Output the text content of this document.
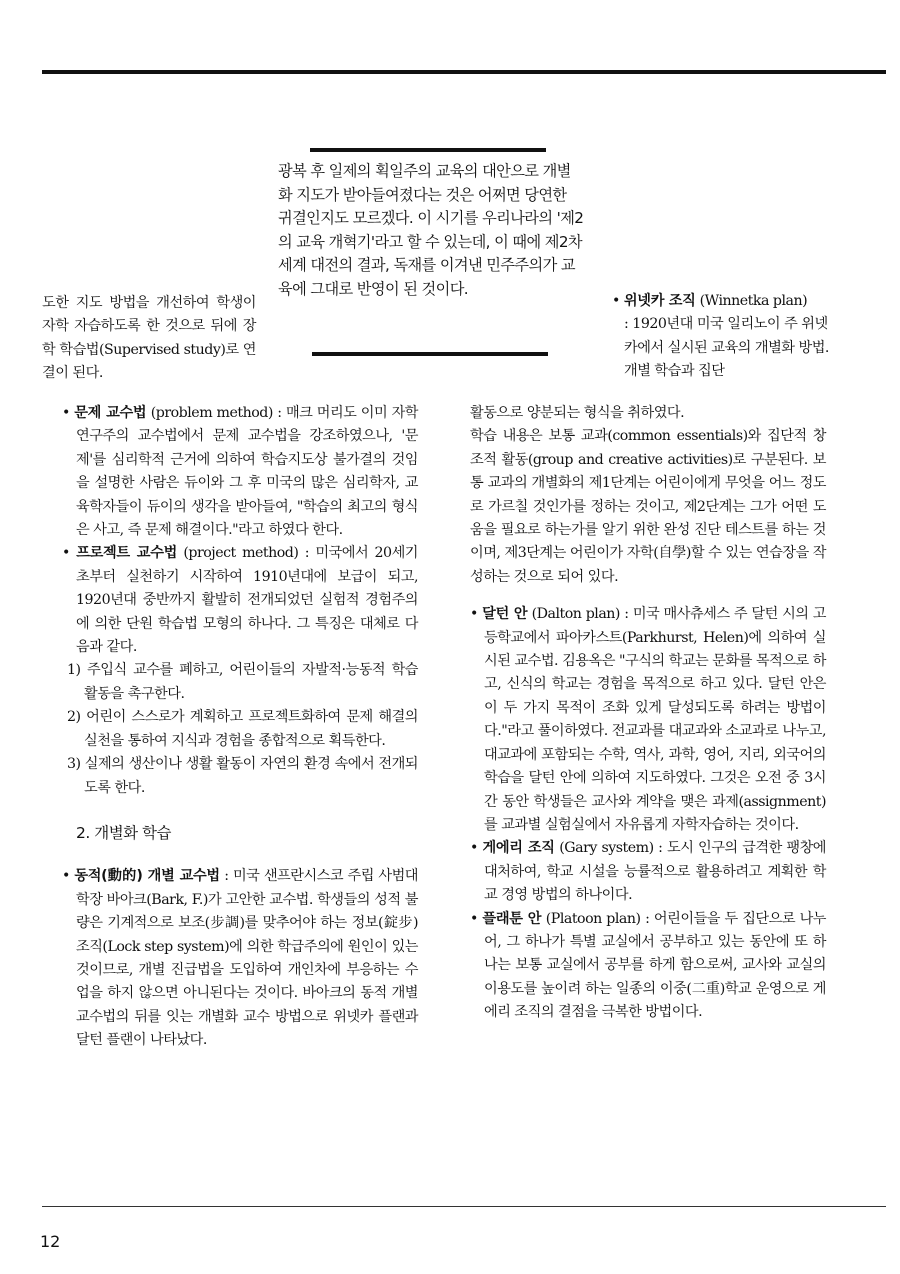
광복 후 일제의 획일주의 교육의 대안으로 개별화 지도가 받아들여졌다는 것은 어쩌면 당연한 귀결인지도 모르겠다. 이 시기를 우리나라의 '제2의 교육 개혁기'라고 할 수 있는데, 이 때에 제2차 세계 대전의 결과, 독재를 이겨낸 민주주의가 교육에 그대로 반영이 된 것이다.

도한 지도 방법을 개선하여 학생이 자학 자습하도록 한 것으로 뒤에 장학 학습법(Supervised study)로 연결이 된다.

• 문제 교수법 (problem method) : 매크 머리도 이미 자학 연구주의 교수법에서 문제 교수법을 강조하였으나, '문제'를 심리학적 근거에 의하여 학습지도상 불가결의 것임을 설명한 사람은 듀이와 그 후 미국의 많은 심리학자, 교육학자들이 듀이의 생각을 받아들여, "학습의 최고의 형식은 사고, 즉 문제 해결이다."라고 하였다 한다.

• 프로젝트 교수법 (project method) : 미국에서 20세기 초부터 실천하기 시작하여 1910년대에 보급이 되고, 1920년대 중반까지 활발히 전개되었던 실험적 경험주의에 의한 단원 학습법 모형의 하나다. 그 특징은 대체로 다음과 같다.

1) 주입식 교수를 폐하고, 어린이들의 자발적·능동적 학습 활동을 촉구한다.

2) 어린이 스스로가 계획하고 프로젝트화하여 문제 해결의 실천을 통하여 지식과 경험을 종합적으로 획득한다.

3) 실제의 생산이나 생활 활동이 자연의 환경 속에서 전개되도록 한다.

2. 개별화 학습

• 동적(動的) 개별 교수법 : 미국 샌프란시스코 주립 사범대학장 바아크(Bark, F.)가 고안한 교수법. 학생들의 성적 불량은 기계적으로 보조(步調)를 맞추어야 하는 정보(錠步) 조직(Lock step system)에 의한 학급주의에 원인이 있는 것이므로, 개별 진급법을 도입하여 개인차에 부응하는 수업을 하지 않으면 아니된다는 것이다. 바아크의 동적 개별 교수법의 뒤를 잇는 개별화 교수 방법으로 위넷카 플랜과 달턴 플랜이 나타났다.

• 위넷카 조직 (Winnetka plan)

: 1920년대 미국 일리노이 주 위넷카에서 실시된 교육의 개별화 방법. 개별 학습과 집단

활동으로 양분되는 형식을 취하였다.

학습 내용은 보통 교과(common essentials)와 집단적 창조적 활동(group and creative activities)로 구분된다. 보통 교과의 개별화의 제1단계는 어린이에게 무엇을 어느 정도로 가르칠 것인가를 정하는 것이고, 제2단계는 그가 어떤 도움을 필요로 하는가를 알기 위한 완성 진단 테스트를 하는 것이며, 제3단계는 어린이가 자학(自學)할 수 있는 연습장을 작성하는 것으로 되어 있다.

• 달턴 안 (Dalton plan) : 미국 매사츄세스 주 달턴 시의 고등학교에서 파아카스트(Parkhurst, Helen)에 의하여 실시된 교수법. 김용옥은 "구식의 학교는 문화를 목적으로 하고, 신식의 학교는 경험을 목적으로 하고 있다. 달턴 안은 이 두 가지 목적이 조화 있게 달성되도록 하려는 방법이다."라고 풀이하였다. 전교과를 대교과와 소교과로 나누고, 대교과에 포함되는 수학, 역사, 과학, 영어, 지리, 외국어의 학습을 달턴 안에 의하여 지도하였다. 그것은 오전 중 3시간 동안 학생들은 교사와 계약을 맺은 과제(assignment)를 교과별 실험실에서 자유롭게 자학자습하는 것이다.

• 게에리 조직 (Gary system) : 도시 인구의 급격한 팽창에 대처하여, 학교 시설을 능률적으로 활용하려고 계획한 학교 경영 방법의 하나이다.

• 플래툰 안 (Platoon plan) : 어린이들을 두 집단으로 나누어, 그 하나가 특별 교실에서 공부하고 있는 동안에 또 하나는 보통 교실에서 공부를 하게 함으로써, 교사와 교실의 이용도를 높이려 하는 일종의 이중(二重)학교 운영으로 게에리 조직의 결점을 극복한 방법이다.

12
